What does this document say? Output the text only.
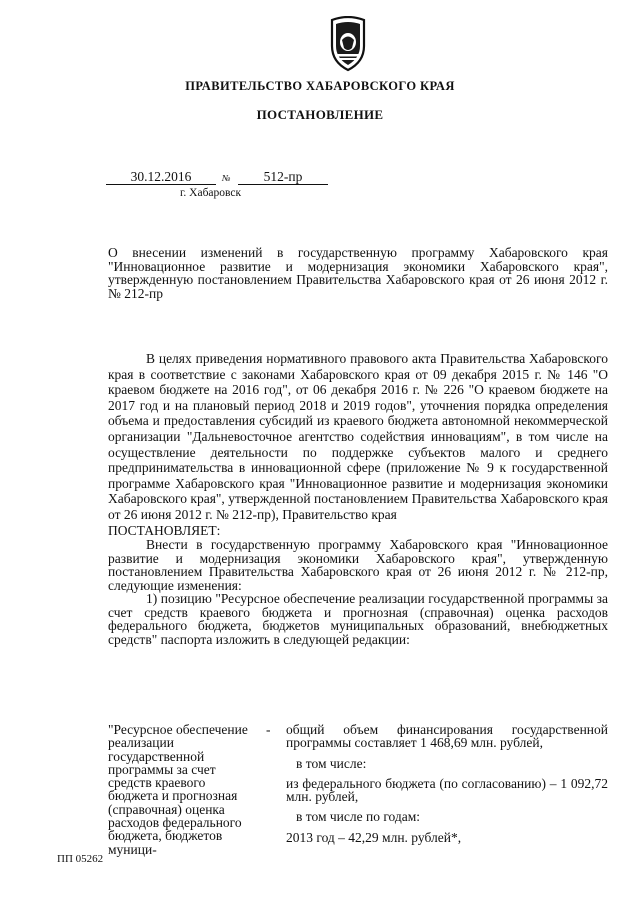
ПРАВИТЕЛЬСТВО ХАБАРОВСКОГО КРАЯ
ПОСТАНОВЛЕНИЕ
30.12.2016	№	512-пр
г. Хабаровск
О внесении изменений в государственную программу Хабаровского края "Инновационное развитие и модернизация экономики Хабаровского края", утвержденную постановлением Правительства Хабаровского края от 26 июня 2012 г. № 212-пр

В целях приведения нормативного правового акта Правительства Хабаровского края в соответствие с законами Хабаровского края от 09 декабря 2015 г. № 146 "О краевом бюджете на 2016 год", от 06 декабря 2016 г. № 226 "О краевом бюджете на 2017 год и на плановый период 2018 и 2019 годов", уточнения порядка определения объема и предоставления субсидий из краевого бюджета автономной некоммерческой организации "Дальневосточное агентство содействия инновациям", в том числе на осуществление деятельности по поддержке субъектов малого и среднего предпринимательства в инновационной сфере (приложение № 9 к государственной программе Хабаровского края "Инновационное развитие и модернизация экономики Хабаровского края", утвержденной постановлением Правительства Хабаровского края от 26 июня 2012 г. № 212-пр), Правительство края

ПОСТАНОВЛЯЕТ:

Внести в государственную программу Хабаровского края "Инновационное развитие и модернизация экономики Хабаровского края", утвержденную постановлением Правительства Хабаровского края от 26 июня 2012 г. № 212-пр, следующие изменения:

1) позицию "Ресурсное обеспечение реализации государственной программы за счет средств краевого бюджета и прогнозная (справочная) оценка расходов федерального бюджета, бюджетов муниципальных образований, внебюджетных средств" паспорта изложить в следующей редакции:

"Ресурсное обеспечение реализации государственной программы за счет средств краевого бюджета и прогнозная (справочная) оценка расходов федерального бюджета, бюджетов муници-
- общий объем финансирования государственной программы составляет 1 468,69 млн. рублей,

в том числе:

из федерального бюджета (по согласованию) – 1 092,72 млн. рублей,

в том числе по годам:

2013 год – 42,29 млн. рублей*,

ПП 05262
